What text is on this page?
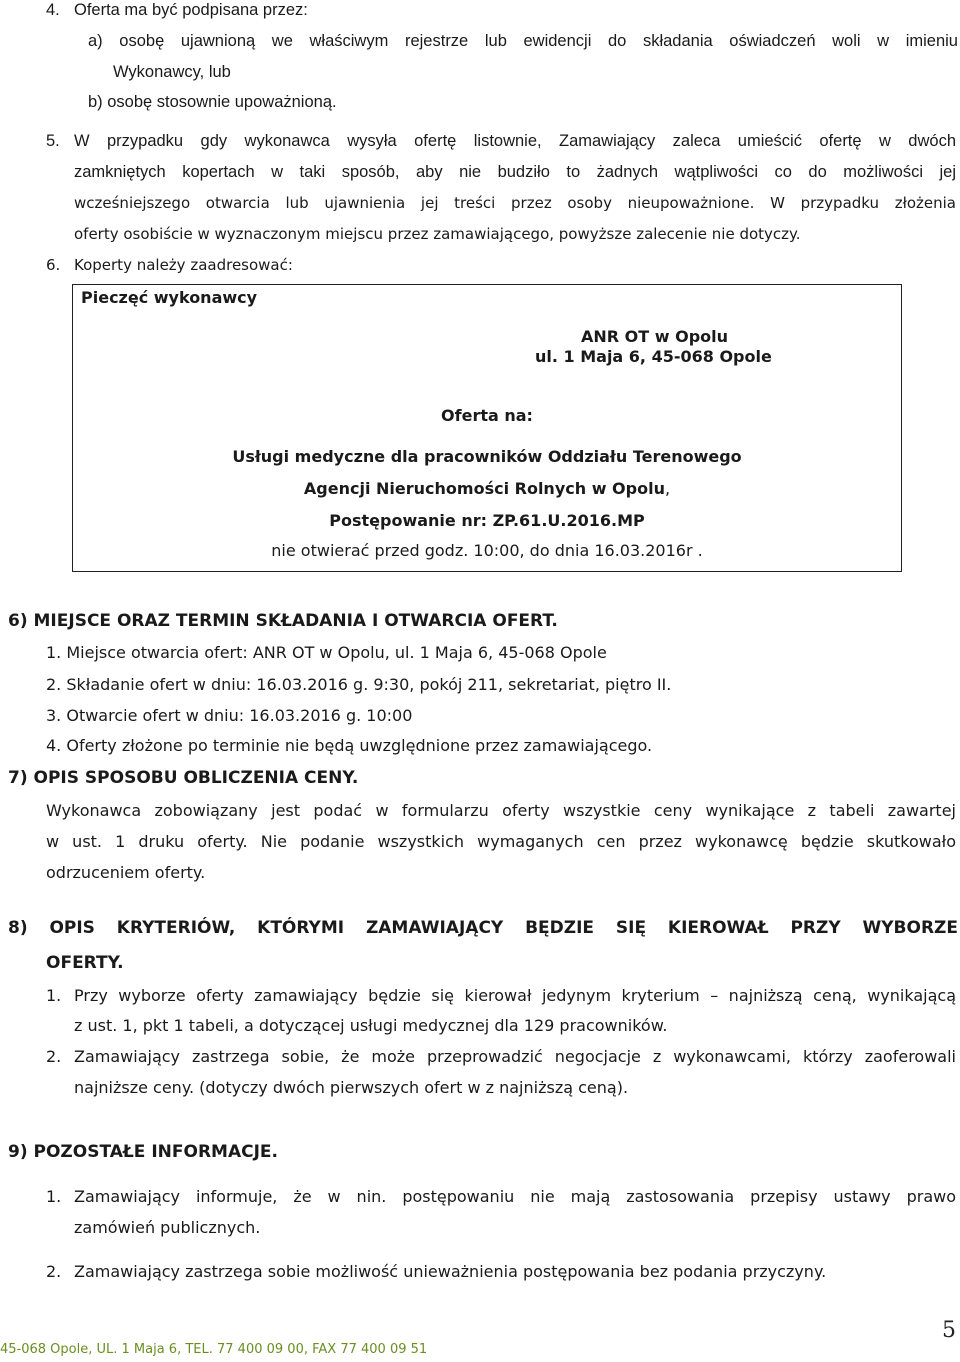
4. Oferta ma być podpisana przez:
a) osobę ujawnioną we właściwym rejestrze lub ewidencji do składania oświadczeń woli w imieniu
Wykonawcy, lub
b) osobę stosownie upoważnioną.
5. W przypadku gdy wykonawca wysyła ofertę listownie, Zamawiający zaleca umieścić ofertę w dwóch
zamkniętych kopertach w taki sposób, aby nie budziło to żadnych wątpliwości co do możliwości jej
wcześniejszego otwarcia lub ujawnienia jej treści przez osoby nieupoważnione. W przypadku złożenia
oferty osobiście w wyznaczonym miejscu przez zamawiającego, powyższe zalecenie nie dotyczy.
6. Koperty należy zaadresować:
Pieczęć wykonawcy
ANR OT w Opolu
ul. 1 Maja 6, 45-068 Opole
Oferta na:
Usługi medyczne dla pracowników Oddziału Terenowego
Agencji Nieruchomości Rolnych w Opolu,
Postępowanie nr: ZP.61.U.2016.MP
nie otwierać przed godz. 10:00, do dnia 16.03.2016r .
6) MIEJSCE ORAZ TERMIN SKŁADANIA I OTWARCIA OFERT.
1. Miejsce otwarcia ofert: ANR OT w Opolu, ul. 1 Maja 6, 45-068 Opole
2. Składanie ofert w dniu: 16.03.2016 g. 9:30, pokój 211, sekretariat, piętro II.
3. Otwarcie ofert w dniu: 16.03.2016 g. 10:00
4. Oferty złożone po terminie nie będą uwzględnione przez zamawiającego.
7) OPIS SPOSOBU OBLICZENIA CENY.
Wykonawca zobowiązany jest podać w formularzu oferty wszystkie ceny wynikające z tabeli zawartej
w ust. 1 druku oferty. Nie podanie wszystkich wymaganych cen przez wykonawcę będzie skutkowało
odrzuceniem oferty.
8) OPIS KRYTERIÓW, KTÓRYMI ZAMAWIAJĄCY BĘDZIE SIĘ KIEROWAŁ PRZY WYBORZE
OFERTY.
1. Przy wyborze oferty zamawiający będzie się kierował jedynym kryterium – najniższą ceną, wynikającą
z ust. 1, pkt 1 tabeli, a dotyczącej usługi medycznej dla 129 pracowników.
2. Zamawiający zastrzega sobie, że może przeprowadzić negocjacje z wykonawcami, którzy zaoferowali
najniższe ceny. (dotyczy dwóch pierwszych ofert w z najniższą ceną).
9) POZOSTAŁE INFORMACJE.
1. Zamawiający informuje, że w nin. postępowaniu nie mają zastosowania przepisy ustawy prawo
zamówień publicznych.
2. Zamawiający zastrzega sobie możliwość unieważnienia postępowania bez podania przyczyny.
45-068 Opole, UL. 1 Maja 6, TEL. 77 400 09 00, FAX 77 400 09 51
5
